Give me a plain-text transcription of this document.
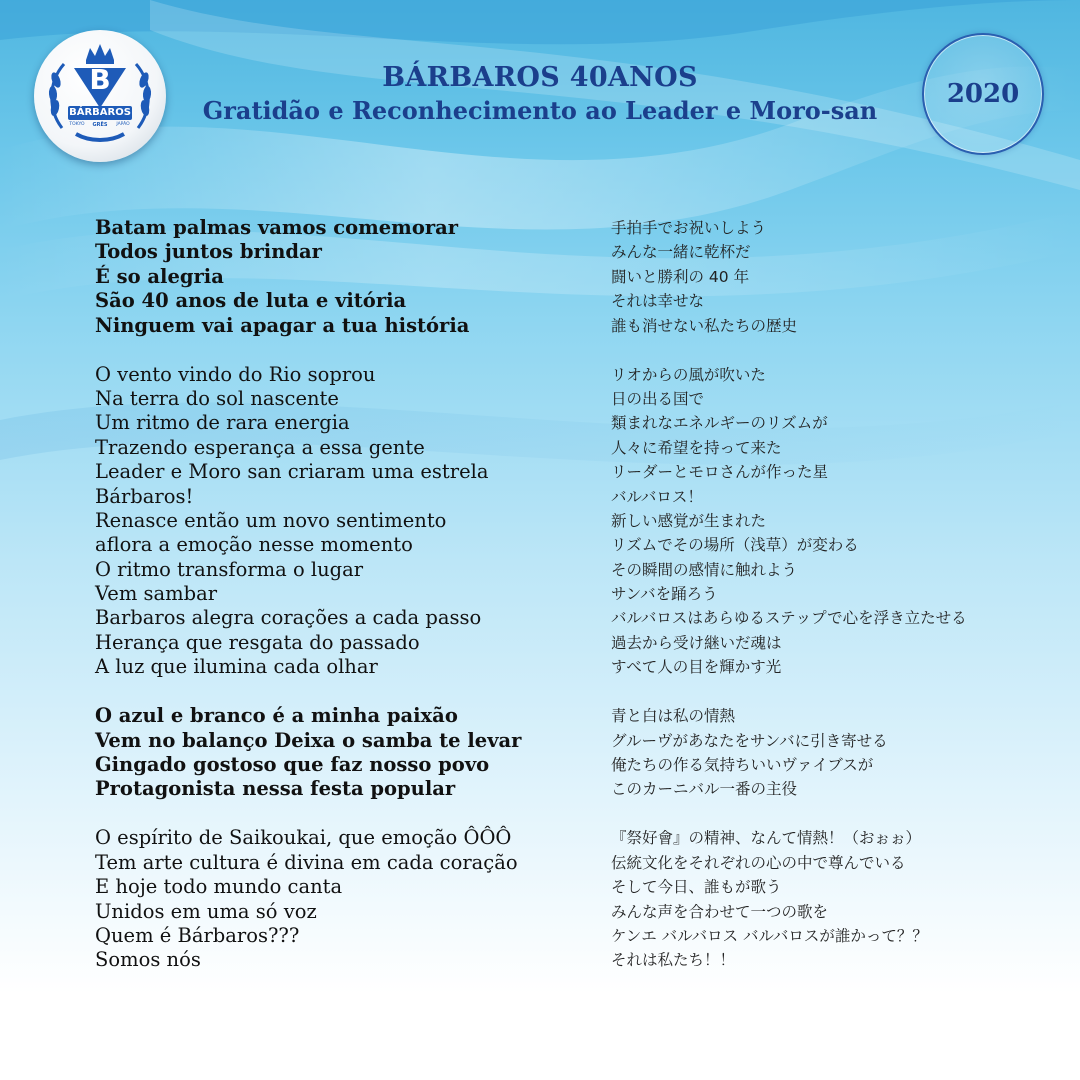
B
BÁRBAROS
TOKYO	JAPÃO
GRÊS
BÁRBAROS 40ANOS
Gratidão e Reconhecimento ao Leader e Moro-san
2020
Batam palmas vamos comemorar	手拍手でお祝いしよう
Todos juntos brindar	みんな一緒に乾杯だ
É so alegria	闘いと勝利の 40 年
São 40 anos de luta e vitória	それは幸せな
Ninguem vai apagar a tua história	誰も消せない私たちの歴史
O vento vindo do Rio soprou	リオからの風が吹いた
Na terra do sol nascente	日の出る国で
Um ritmo de rara energia	類まれなエネルギーのリズムが
Trazendo esperança a essa gente	人々に希望を持って来た
Leader e Moro san criaram uma estrela	リーダーとモロさんが作った星
Bárbaros!	バルバロス！
Renasce então um novo sentimento	新しい感覚が生まれた
aflora a emoção nesse momento	リズムでその場所（浅草）が変わる
O ritmo transforma o lugar	その瞬間の感情に触れよう
Vem sambar	サンバを踊ろう
Barbaros alegra corações a cada passo	バルバロスはあらゆるステップで心を浮き立たせる
Herança que resgata do passado	過去から受け継いだ魂は
A luz que ilumina cada olhar	すべて人の目を輝かす光
O azul e branco é a minha paixão	青と白は私の情熱
Vem no balanço Deixa o samba te levar	グルーヴがあなたをサンバに引き寄せる
Gingado gostoso que faz nosso povo	俺たちの作る気持ちいいヴァイブスが
Protagonista nessa festa popular	このカーニバル一番の主役
O espírito de Saikoukai, que emoção ÔÔÔ	『祭好會』の精神、なんて情熱！（おぉぉ）
Tem arte cultura é divina em cada coração	伝統文化をそれぞれの心の中で尊んでいる
E hoje todo mundo canta	そして今日、誰もが歌う
Unidos em uma só voz	みんな声を合わせて一つの歌を
Quem é Bárbaros???	ケンエ バルバロス バルバロスが誰かって？？
Somos nós	それは私たち！！
